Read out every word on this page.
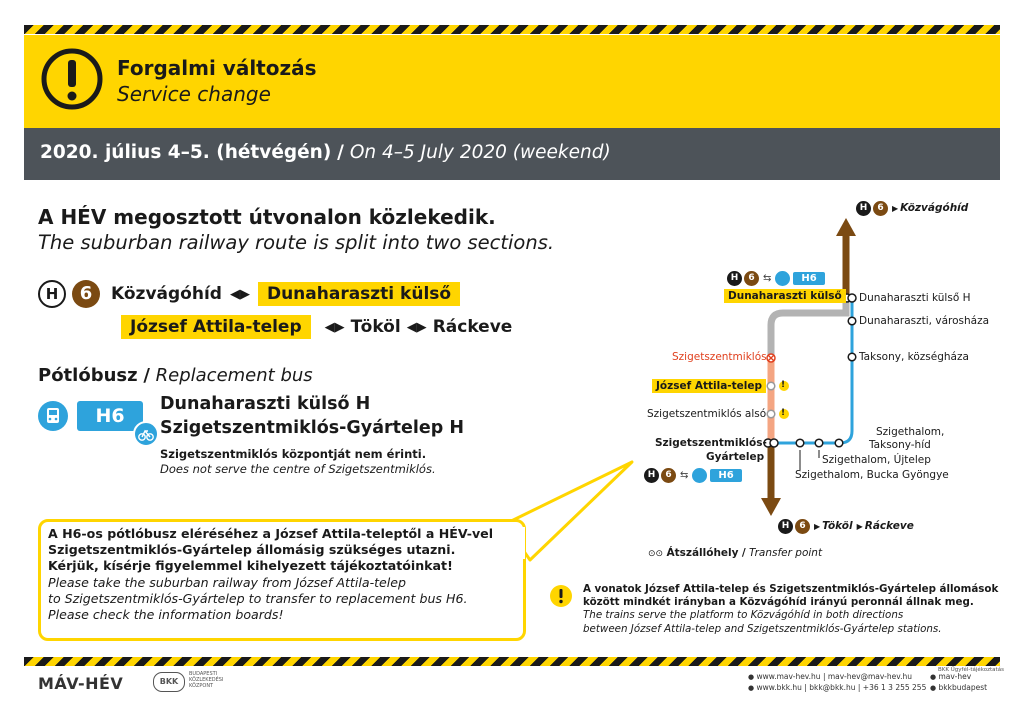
Forgalmi változás
Service change
2020. július 4–5. (hétvégén) / On 4–5 July 2020 (weekend)
A HÉV megosztott útvonalon közlekedik.
The suburban railway route is split into two sections.
H	6	Közvágóhíd ◀▶	Dunaharaszti külső
József Attila-telep	◀▶ Tököl ◀▶ Ráckeve
Pótlóbusz / Replacement bus
H6
Dunaharaszti külső H
Szigetszentmiklós-Gyártelep H
Szigetszentmiklós központját nem érinti.
Does not serve the centre of Szigetszentmiklós.
A H6-os pótlóbusz eléréséhez a József Attila-teleptől a HÉV-vel
Szigetszentmiklós-Gyártelep állomásig szükséges utazni.
Kérjük, kísérje figyelemmel kihelyezett tájékoztatóinkat!
Please take the suburban railway from József Attila-telep
to Szigetszentmiklós-Gyártelep to transfer to replacement bus H6.
Please check the information boards!
!
!
H	6	▶ Közvágóhíd
H	6 ⇆	H6
Dunaharaszti külső	Dunaharaszti külső H
Dunaharaszti, városháza
Taksony, községháza
Szigetszentmiklós
József Attila-telep
Szigetszentmiklós alsó
Szigetszentmiklós-
Gyártelep
Szigethalom,
Taksony-híd
Szigethalom, Újtelep
Szigethalom, Bucka Gyöngye
H	6 ⇆	H6
H	6	▶ Tököl ▶ Ráckeve
⊙⊙ Átszállóhely / Transfer point
A vonatok József Attila-telep és Szigetszentmiklós-Gyártelep állomások
között mindkét irányban a Közvágóhíd irányú peronnál állnak meg.
The trains serve the platform to Közvágóhíd in both directions
between József Attila-telep and Szigetszentmiklós-Gyártelep stations.
BKK Ügyfél-tájékoztatás
MÁV-HÉV	BKK
BUDAPESTI
KÖZLEKEDÉSI
KÖZPONT
● www.mav-hev.hu | mav-hev@mav-hev.hu	● mav-hev
● www.bkk.hu | bkk@bkk.hu | +36 1 3 255 255 ● bkkbudapest
